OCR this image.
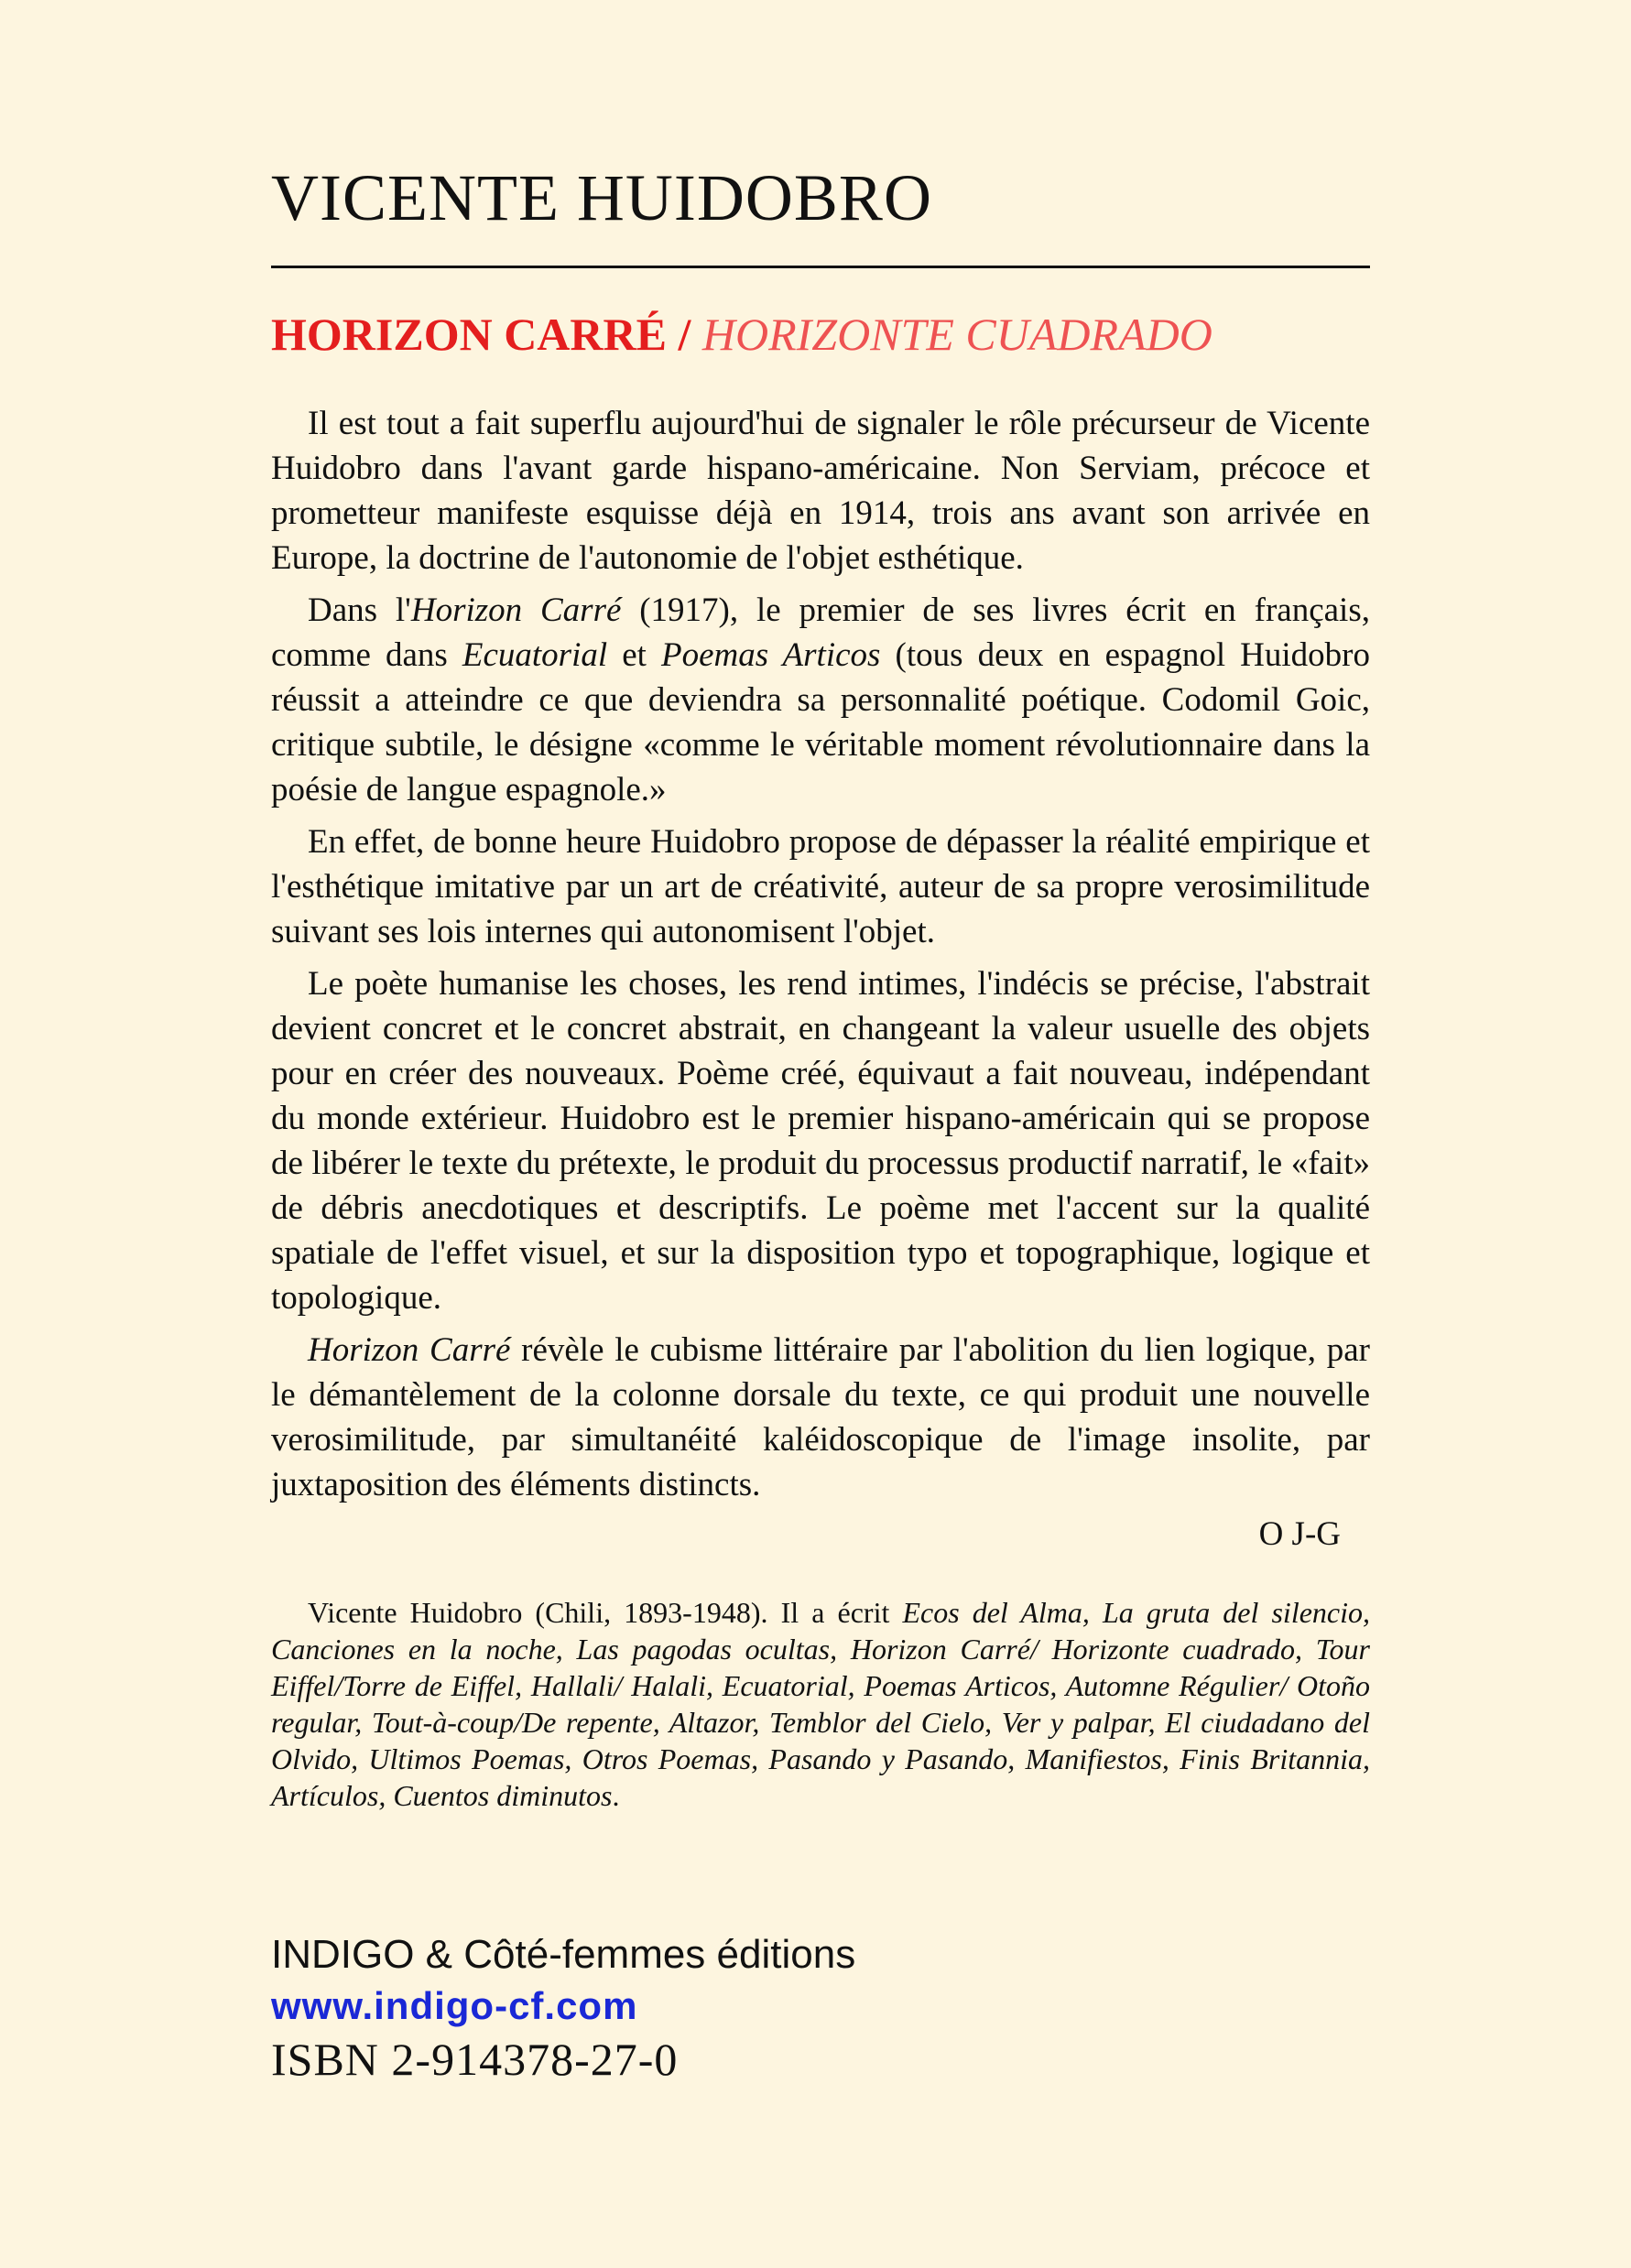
VICENTE HUIDOBRO
HORIZON CARRÉ / HORIZONTE CUADRADO

Il est tout a fait superflu aujourd'hui de signaler le rôle précurseur de Vicente Huidobro dans l'avant garde hispano-américaine. Non Serviam, précoce et prometteur manifeste esquisse déjà en 1914, trois ans avant son arrivée en Europe, la doctrine de l'autonomie de l'objet esthétique.

Dans l'Horizon Carré (1917), le premier de ses livres écrit en français, comme dans Ecuatorial et Poemas Articos (tous deux en espagnol Huidobro réussit a atteindre ce que deviendra sa personnalité poétique. Codomil Goic, critique subtile, le désigne «comme le véritable moment révolutionnaire dans la poésie de langue espagnole.»

En effet, de bonne heure Huidobro propose de dépasser la réalité empirique et l'esthétique imitative par un art de créativité, auteur de sa propre verosimilitude suivant ses lois internes qui autonomisent l'objet.

Le poète humanise les choses, les rend intimes, l'indécis se précise, l'abstrait devient concret et le concret abstrait, en changeant la valeur usuelle des objets pour en créer des nouveaux. Poème créé, équivaut a fait nouveau, indépendant du monde extérieur. Huidobro est le premier hispano-américain qui se propose de libérer le texte du prétexte, le produit du processus productif narratif, le «fait» de débris anecdotiques et descriptifs. Le poème met l'accent sur la qualité spatiale de l'effet visuel, et sur la disposition typo et topographique, logique et topologique.

Horizon Carré révèle le cubisme littéraire par l'abolition du lien logique, par le démantèlement de la colonne dorsale du texte, ce qui produit une nouvelle verosimilitude, par simultanéité kaléidoscopique de l'image insolite, par juxtaposition des éléments distincts.

O J-G
Vicente Huidobro (Chili, 1893-1948). Il a écrit Ecos del Alma, La gruta del silencio, Canciones en la noche, Las pagodas ocultas, Horizon Carré/ Horizonte cuadrado, Tour Eiffel/Torre de Eiffel, Hallali/ Halali, Ecuatorial, Poemas Articos, Automne Régulier/ Otoño regular, Tout-à-coup/De repente, Altazor, Temblor del Cielo, Ver y palpar, El ciudadano del Olvido, Ultimos Poemas, Otros Poemas, Pasando y Pasando, Manifiestos, Finis Britannia, Artículos, Cuentos diminutos.
INDIGO & Côté-femmes éditions
www.indigo-cf.com
ISBN 2-914378-27-0
